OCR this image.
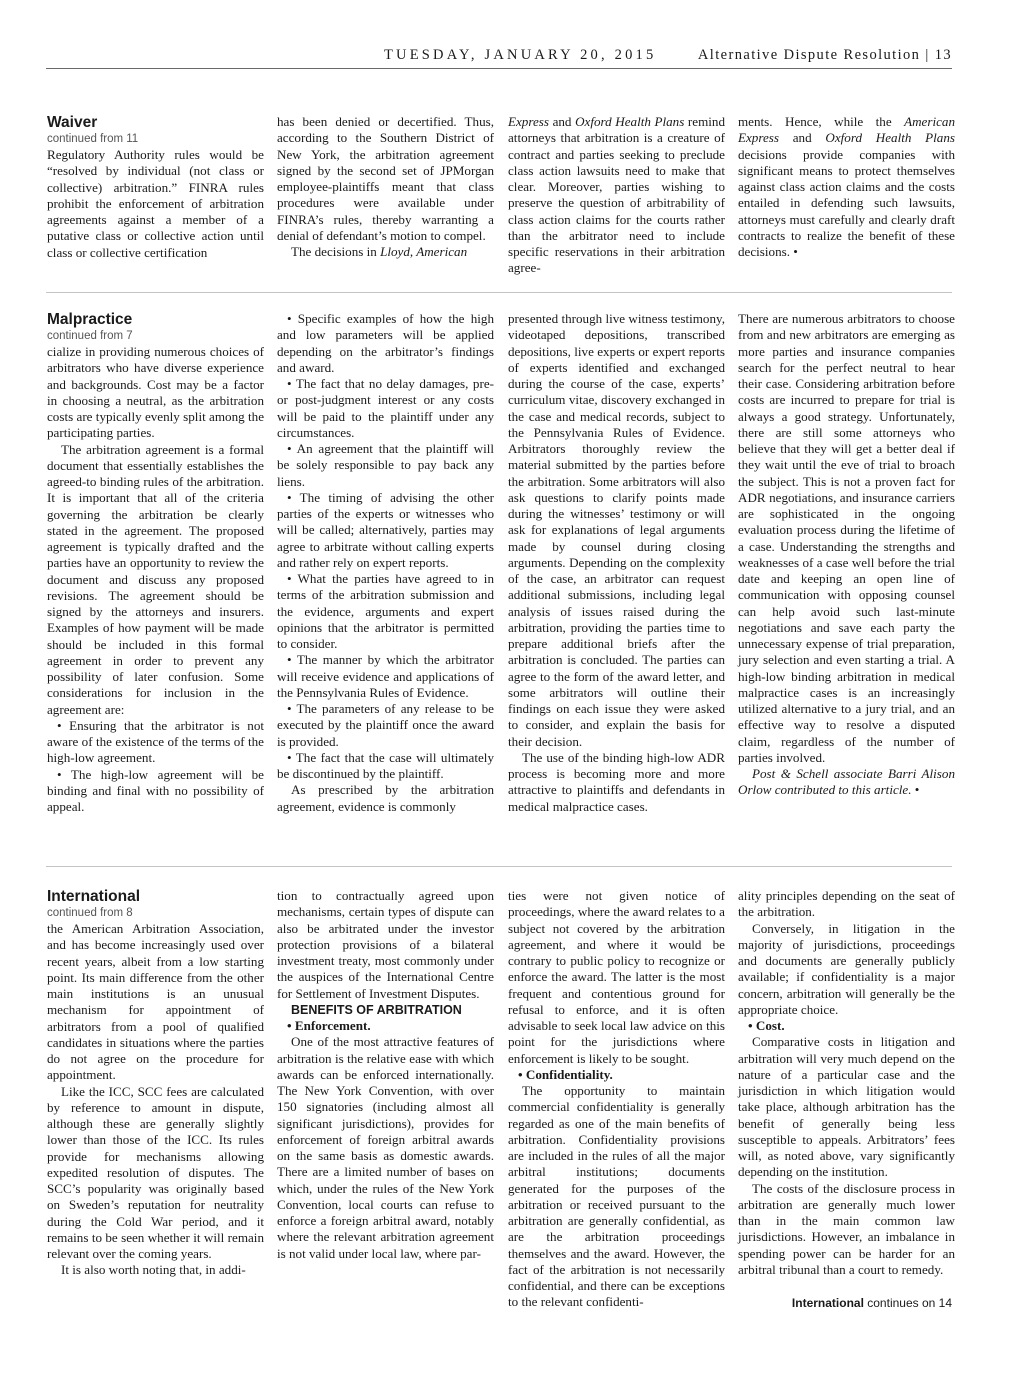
TUESDAY, JANUARY 20, 2015	Alternative Dispute Resolution | 13

Waiver

continued from 11

Regulatory Authority rules would be “resolved by individual (not class or collective) arbitration.” FINRA rules prohibit the enforcement of arbitration agreements against a member of a putative class or collective action until class or collective certification

has been denied or decertified. Thus, according to the Southern District of New York, the arbitration agreement signed by the second set of JPMorgan employee-plaintiffs meant that class procedures were available under FINRA’s rules, thereby warranting a denial of defendant’s motion to compel.

The decisions in Lloyd, American

Express and Oxford Health Plans remind attorneys that arbitration is a creature of contract and parties seeking to preclude class action lawsuits need to make that clear. Moreover, parties wishing to preserve the question of arbitrability of class action claims for the courts rather than the arbitrator need to include specific reservations in their arbitration agree-

ments. Hence, while the American Express and Oxford Health Plans decisions provide companies with significant means to protect themselves against class action claims and the costs entailed in defending such lawsuits, attorneys must carefully and clearly draft contracts to realize the benefit of these decisions. •

Malpractice

continued from 7

cialize in providing numerous choices of arbitrators who have diverse experience and backgrounds. Cost may be a factor in choosing a neutral, as the arbitration costs are typically evenly split among the participating parties.

The arbitration agreement is a formal document that essentially establishes the agreed-to binding rules of the arbitration. It is important that all of the criteria governing the arbitration be clearly stated in the agreement. The proposed agreement is typically drafted and the parties have an opportunity to review the document and discuss any proposed revisions. The agreement should be signed by the attorneys and insurers. Examples of how payment will be made should be included in this formal agreement in order to prevent any possibility of later confusion. Some considerations for inclusion in the agreement are:

• Ensuring that the arbitrator is not aware of the existence of the terms of the high-low agreement.

• The high-low agreement will be binding and final with no possibility of appeal.

• Specific examples of how the high and low parameters will be applied depending on the arbitrator’s findings and award.

• The fact that no delay damages, pre- or post-judgment interest or any costs will be paid to the plaintiff under any circumstances.

• An agreement that the plaintiff will be solely responsible to pay back any liens.

• The timing of advising the other parties of the experts or witnesses who will be called; alternatively, parties may agree to arbitrate without calling experts and rather rely on expert reports.

• What the parties have agreed to in terms of the arbitration submission and the evidence, arguments and expert opinions that the arbitrator is permitted to consider.

• The manner by which the arbitrator will receive evidence and applications of the Pennsylvania Rules of Evidence.

• The parameters of any release to be executed by the plaintiff once the award is provided.

• The fact that the case will ultimately be discontinued by the plaintiff.

As prescribed by the arbitration agreement, evidence is commonly

presented through live witness testimony, videotaped depositions, transcribed depositions, live experts or expert reports of experts identified and exchanged during the course of the case, experts’ curriculum vitae, discovery exchanged in the case and medical records, subject to the Pennsylvania Rules of Evidence. Arbitrators thoroughly review the material submitted by the parties before the arbitration. Some arbitrators will also ask questions to clarify points made during the witnesses’ testimony or will ask for explanations of legal arguments made by counsel during closing arguments. Depending on the complexity of the case, an arbitrator can request additional submissions, including legal analysis of issues raised during the arbitration, providing the parties time to prepare additional briefs after the arbitration is concluded. The parties can agree to the form of the award letter, and some arbitrators will outline their findings on each issue they were asked to consider, and explain the basis for their decision.

The use of the binding high-low ADR process is becoming more and more attractive to plaintiffs and defendants in medical malpractice cases.

There are numerous arbitrators to choose from and new arbitrators are emerging as more parties and insurance companies search for the perfect neutral to hear their case. Considering arbitration before costs are incurred to prepare for trial is always a good strategy. Unfortunately, there are still some attorneys who believe that they will get a better deal if they wait until the eve of trial to broach the subject. This is not a proven fact for ADR negotiations, and insurance carriers are sophisticated in the ongoing evaluation process during the lifetime of a case. Understanding the strengths and weaknesses of a case well before the trial date and keeping an open line of communication with opposing counsel can help avoid such last-minute negotiations and save each party the unnecessary expense of trial preparation, jury selection and even starting a trial. A high-low binding arbitration in medical malpractice cases is an increasingly utilized alternative to a jury trial, and an effective way to resolve a disputed claim, regardless of the number of parties involved.

Post & Schell associate Barri Alison Orlow contributed to this article. •

International

continued from 8

the American Arbitration Association, and has become increasingly used over recent years, albeit from a low starting point. Its main difference from the other main institutions is an unusual mechanism for appointment of arbitrators from a pool of qualified candidates in situations where the parties do not agree on the procedure for appointment.

Like the ICC, SCC fees are calculated by reference to amount in dispute, although these are generally slightly lower than those of the ICC. Its rules provide for mechanisms allowing expedited resolution of disputes. The SCC’s popularity was originally based on Sweden’s reputation for neutrality during the Cold War period, and it remains to be seen whether it will remain relevant over the coming years.

It is also worth noting that, in addi-

tion to contractually agreed upon mechanisms, certain types of dispute can also be arbitrated under the investor protection provisions of a bilateral investment treaty, most commonly under the auspices of the International Centre for Settlement of Investment Disputes.

BENEFITS OF ARBITRATION

• Enforcement.

One of the most attractive features of arbitration is the relative ease with which awards can be enforced internationally. The New York Convention, with over 150 signatories (including almost all significant jurisdictions), provides for enforcement of foreign arbitral awards on the same basis as domestic awards. There are a limited number of bases on which, under the rules of the New York Convention, local courts can refuse to enforce a foreign arbitral award, notably where the relevant arbitration agreement is not valid under local law, where par-

ties were not given notice of proceedings, where the award relates to a subject not covered by the arbitration agreement, and where it would be contrary to public policy to recognize or enforce the award. The latter is the most frequent and contentious ground for refusal to enforce, and it is often advisable to seek local law advice on this point for the jurisdictions where enforcement is likely to be sought.

• Confidentiality.

The opportunity to maintain commercial confidentiality is generally regarded as one of the main benefits of arbitration. Confidentiality provisions are included in the rules of all the major arbitral institutions; documents generated for the purposes of the arbitration or received pursuant to the arbitration are generally confidential, as are the arbitration proceedings themselves and the award. However, the fact of the arbitration is not necessarily confidential, and there can be exceptions to the relevant confidenti-

ality principles depending on the seat of the arbitration.

Conversely, in litigation in the majority of jurisdictions, proceedings and documents are generally publicly available; if confidentiality is a major concern, arbitration will generally be the appropriate choice.

• Cost.

Comparative costs in litigation and arbitration will very much depend on the nature of a particular case and the jurisdiction in which litigation would take place, although arbitration has the benefit of generally being less susceptible to appeals. Arbitrators’ fees will, as noted above, vary significantly depending on the institution.

The costs of the disclosure process in arbitration are generally much lower than in the main common law jurisdictions. However, an imbalance in spending power can be harder for an arbitral tribunal than a court to remedy.

International continues on 14
